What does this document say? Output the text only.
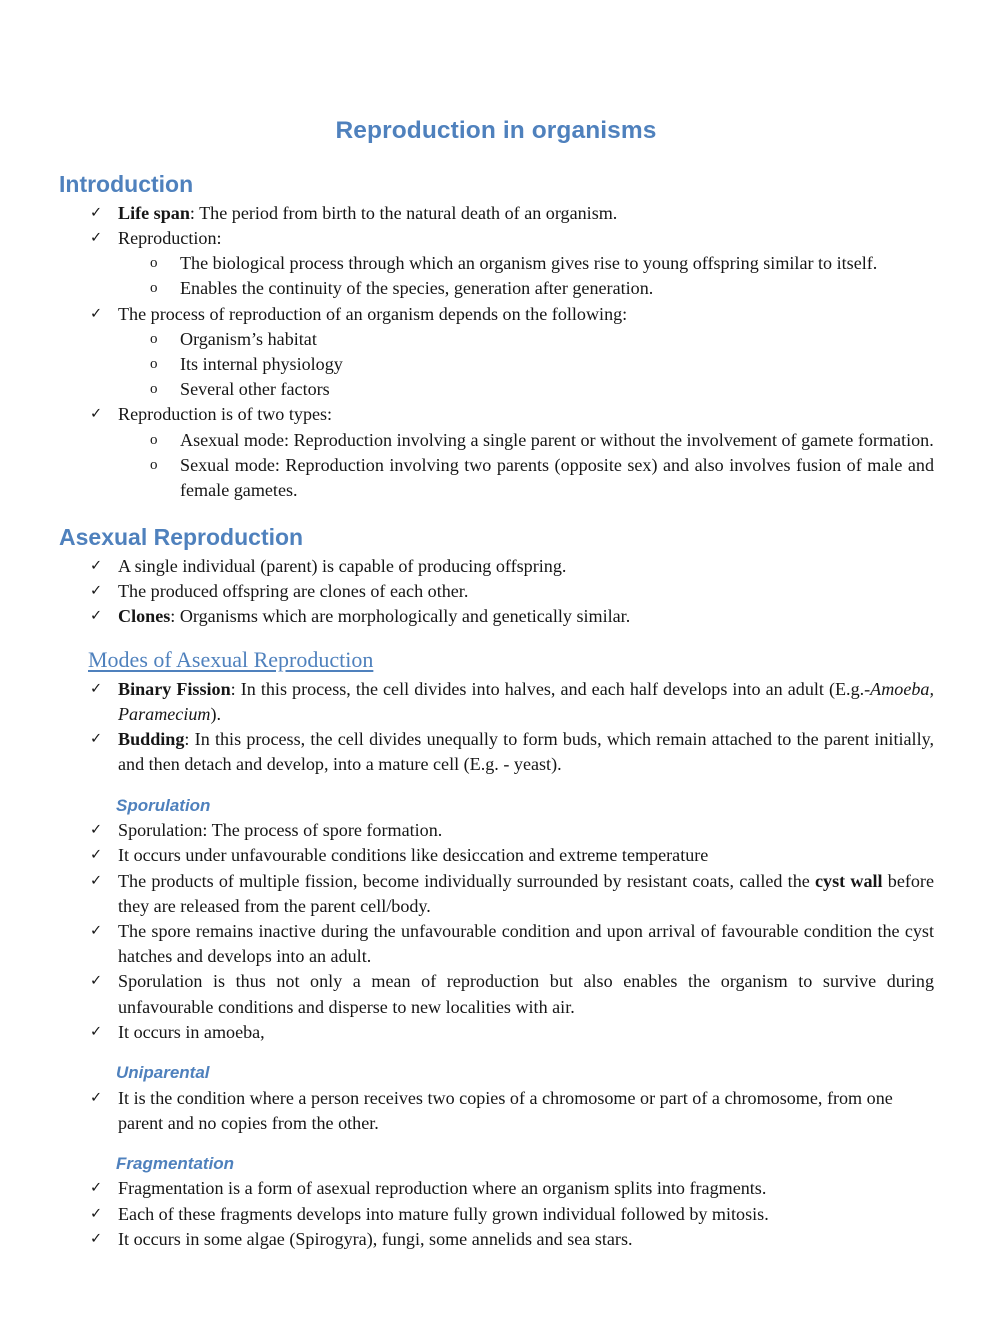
Reproduction in organisms
Introduction
✓ Life span: The period from birth to the natural death of an organism.
✓ Reproduction:
o The biological process through which an organism gives rise to young offspring similar to itself.
o Enables the continuity of the species, generation after generation.
✓ The process of reproduction of an organism depends on the following:
o Organism’s habitat
o Its internal physiology
o Several other factors
✓ Reproduction is of two types:
o Asexual mode: Reproduction involving a single parent or without the involvement of gamete formation.
o Sexual mode: Reproduction involving two parents (opposite sex) and also involves fusion of male and female gametes.
Asexual Reproduction
✓ A single individual (parent) is capable of producing offspring.
✓ The produced offspring are clones of each other.
✓ Clones: Organisms which are morphologically and genetically similar.
Modes of Asexual Reproduction
✓ Binary Fission: In this process, the cell divides into halves, and each half develops into an adult (E.g.-Amoeba, Paramecium).
✓ Budding: In this process, the cell divides unequally to form buds, which remain attached to the parent initially, and then detach and develop, into a mature cell (E.g. - yeast).
Sporulation
✓ Sporulation: The process of spore formation.
✓ It occurs under unfavourable conditions like desiccation and extreme temperature
✓ The products of multiple fission, become individually surrounded by resistant coats, called the cyst wall before they are released from the parent cell/body.
✓ The spore remains inactive during the unfavourable condition and upon arrival of favourable condition the cyst hatches and develops into an adult.
✓ Sporulation is thus not only a mean of reproduction but also enables the organism to survive during unfavourable conditions and disperse to new localities with air.
✓ It occurs in amoeba,
Uniparental
✓ It is the condition where a person receives two copies of a chromosome or part of a chromosome, from one parent and no copies from the other.
Fragmentation
✓ Fragmentation is a form of asexual reproduction where an organism splits into fragments.
✓ Each of these fragments develops into mature fully grown individual followed by mitosis.
✓ It occurs in some algae (Spirogyra), fungi, some annelids and sea stars.
